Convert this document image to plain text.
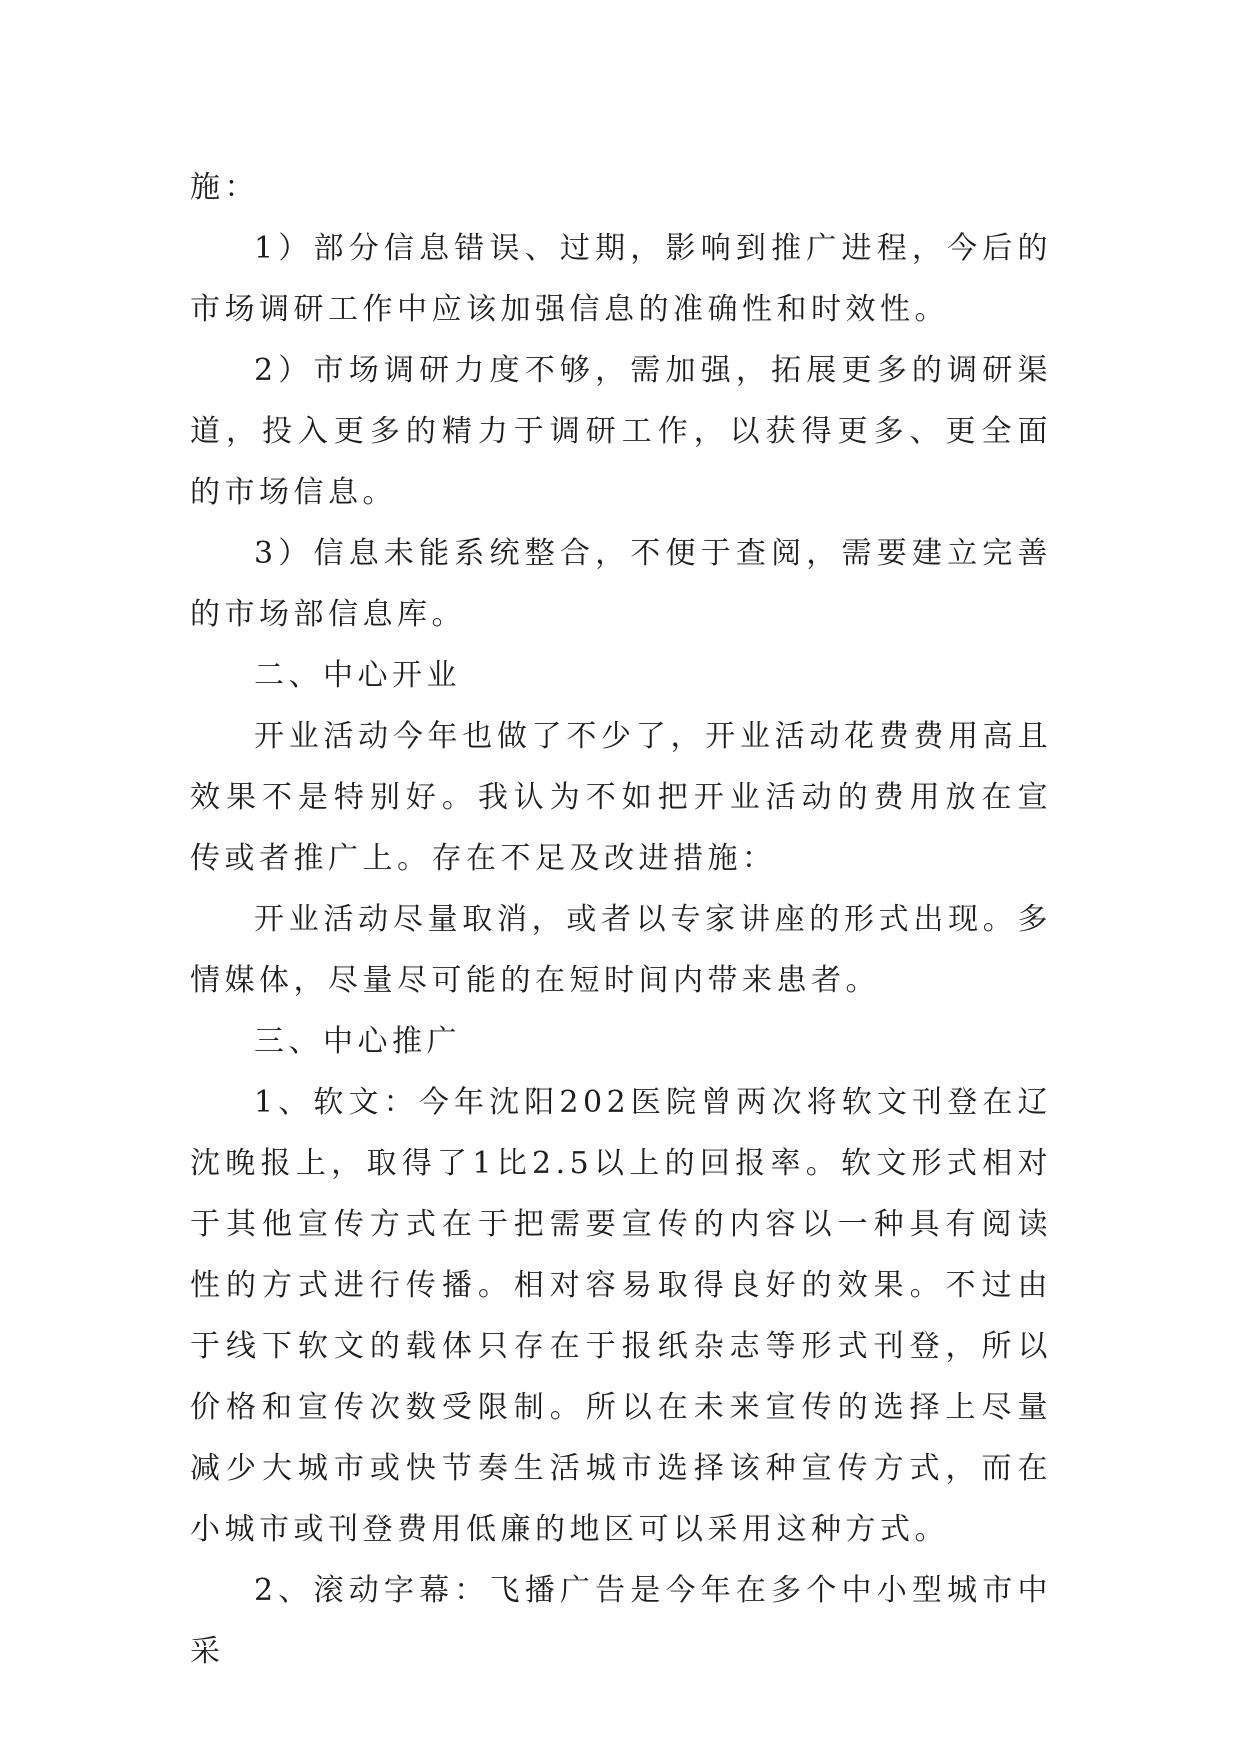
施：

1）部分信息错误、过期，影响到推广进程，今后的市场调研工作中应该加强信息的准确性和时效性。

2）市场调研力度不够，需加强，拓展更多的调研渠道，投入更多的精力于调研工作，以获得更多、更全面的市场信息。

3）信息未能系统整合，不便于查阅，需要建立完善的市场部信息库。

二、中心开业

开业活动今年也做了不少了，开业活动花费费用高且效果不是特别好。我认为不如把开业活动的费用放在宣传或者推广上。存在不足及改进措施：

开业活动尽量取消，或者以专家讲座的形式出现。多情媒体，尽量尽可能的在短时间内带来患者。

三、中心推广

1、软文：今年沈阳202医院曾两次将软文刊登在辽沈晚报上，取得了1比2.5以上的回报率。软文形式相对于其他宣传方式在于把需要宣传的内容以一种具有阅读性的方式进行传播。相对容易取得良好的效果。不过由于线下软文的载体只存在于报纸杂志等形式刊登，所以价格和宣传次数受限制。所以在未来宣传的选择上尽量减少大城市或快节奏生活城市选择该种宣传方式，而在小城市或刊登费用低廉的地区可以采用这种方式。

2、滚动字幕：飞播广告是今年在多个中小型城市中采
